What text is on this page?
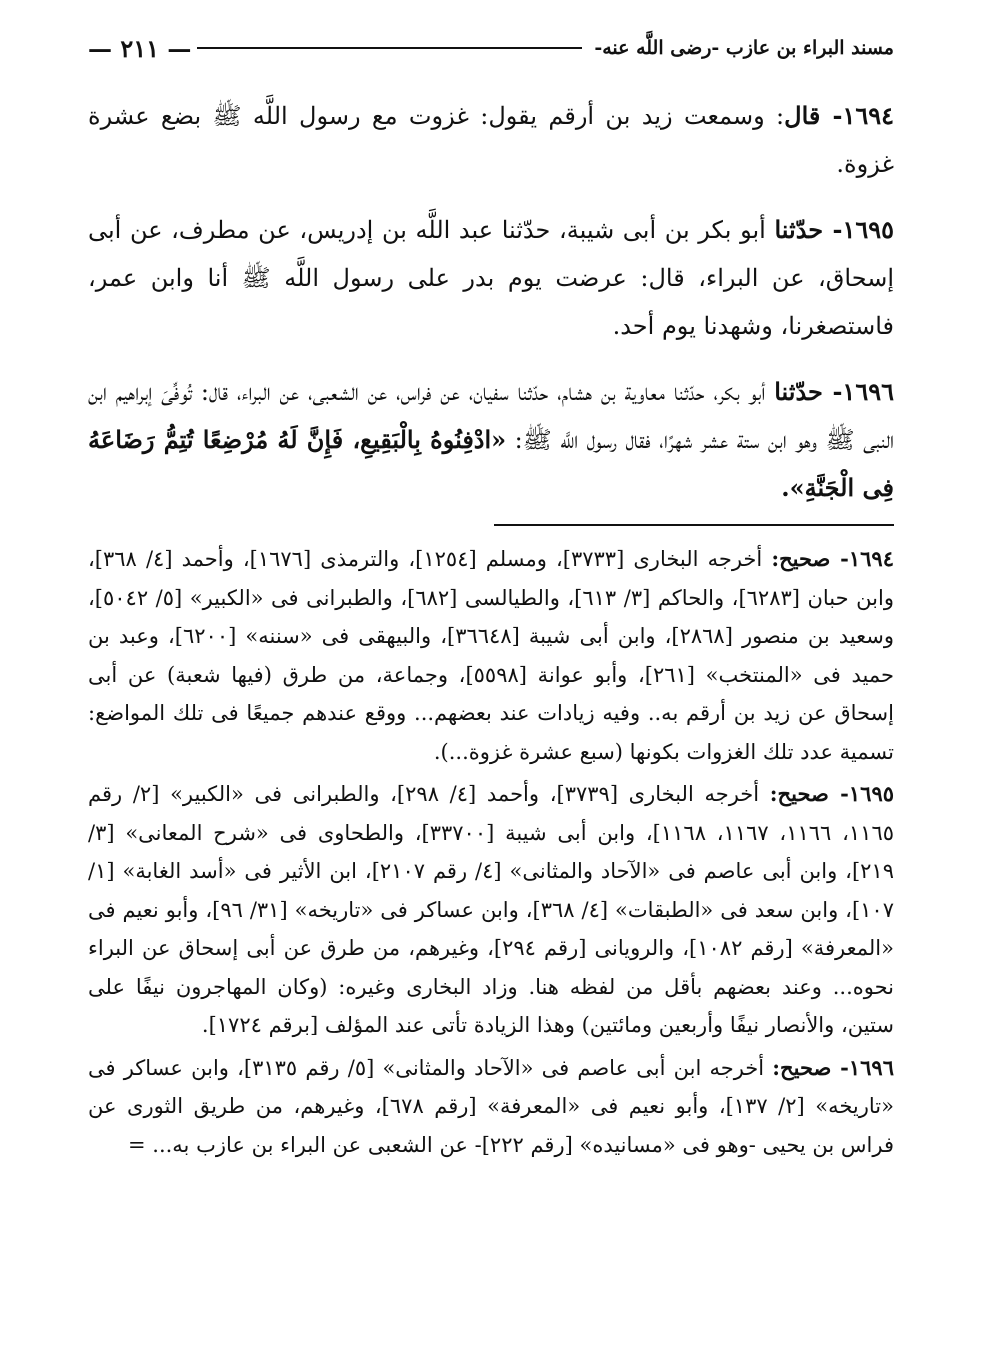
مسند البراء بن عازب -رضى اللَّه عنه-
— ٢١١ —

١٦٩٤- قال: وسمعت زيد بن أرقم يقول: غزوت مع رسول اللَّه ﷺ بضع عشرة غزوة.

١٦٩٥- حدّثنا أبو بكر بن أبى شيبة، حدّثنا عبد اللَّه بن إدريس، عن مطرف، عن أبى إسحاق، عن البراء، قال: عرضت يوم بدر على رسول اللَّه ﷺ أنا وابن عمر، فاستصغرنا، وشهدنا يوم أحد.

١٦٩٦- حدّثنا أبو بكر، حدّثنا معاوية بن هشام، حدّثنا سفيان، عن فراس، عن الشعبى، عن البراء، قال: تُوفِّىَ إبراهيم ابن النبى ﷺ وهو ابن ستة عشر شهرًا، فقال رسول اللَّه ﷺ: «ادْفِنُوهُ بِالْبَقِيعِ، فَإِنَّ لَهُ مُرْضِعًا تُتِمُّ رَضَاعَهُ فِى الْجَنَّةِ».

١٦٩٤- صحيح: أخرجه البخارى [٣٧٣٣]، ومسلم [١٢٥٤]، والترمذى [١٦٧٦]، وأحمد [٤/ ٣٦٨]، وابن حبان [٦٢٨٣]، والحاكم [٣/ ٦١٣]، والطيالسى [٦٨٢]، والطبرانى فى «الكبير» [٥/ ٥٠٤٢]، وسعيد بن منصور [٢٨٦٨]، وابن أبى شيبة [٣٦٦٤٨]، والبيهقى فى «سننه» [٦٢٠٠]، وعبد بن حميد فى «المنتخب» [٢٦١]، وأبو عوانة [٥٥٩٨]، وجماعة، من طرق (فيها شعبة) عن أبى إسحاق عن زيد بن أرقم به.. وفيه زيادات عند بعضهم... ووقع عندهم جميعًا فى تلك المواضع: تسمية عدد تلك الغزوات بكونها (سبع عشرة غزوة...).

١٦٩٥- صحيح: أخرجه البخارى [٣٧٣٩]، وأحمد [٤/ ٢٩٨]، والطبرانى فى «الكبير» [٢/ رقم ١١٦٥، ١١٦٦، ١١٦٧، ١١٦٨]، وابن أبى شيبة [٣٣٧٠٠]، والطحاوى فى «شرح المعانى» [٣/ ٢١٩]، وابن أبى عاصم فى «الآحاد والمثانى» [٤/ رقم ٢١٠٧]، ابن الأثير فى «أسد الغابة» [١/ ١٠٧]، وابن سعد فى «الطبقات» [٤/ ٣٦٨]، وابن عساكر فى «تاريخه» [٣١/ ٩٦]، وأبو نعيم فى «المعرفة» [رقم ١٠٨٢]، والرويانى [رقم ٢٩٤]، وغيرهم، من طرق عن أبى إسحاق عن البراء نحوه... وعند بعضهم بأقل من لفظه هنا. وزاد البخارى وغيره: (وكان المهاجرون نيفًا على ستين، والأنصار نيفًا وأربعين ومائتين) وهذا الزيادة تأتى عند المؤلف [برقم ١٧٢٤].

١٦٩٦- صحيح: أخرجه ابن أبى عاصم فى «الآحاد والمثانى» [٥/ رقم ٣١٣٥]، وابن عساكر فى «تاريخه» [٢/ ١٣٧]، وأبو نعيم فى «المعرفة» [رقم ٦٧٨]، وغيرهم، من طريق الثورى عن فراس بن يحيى -وهو فى «مسانيده» [رقم ٢٢٢]- عن الشعبى عن البراء بن عازب به... =
